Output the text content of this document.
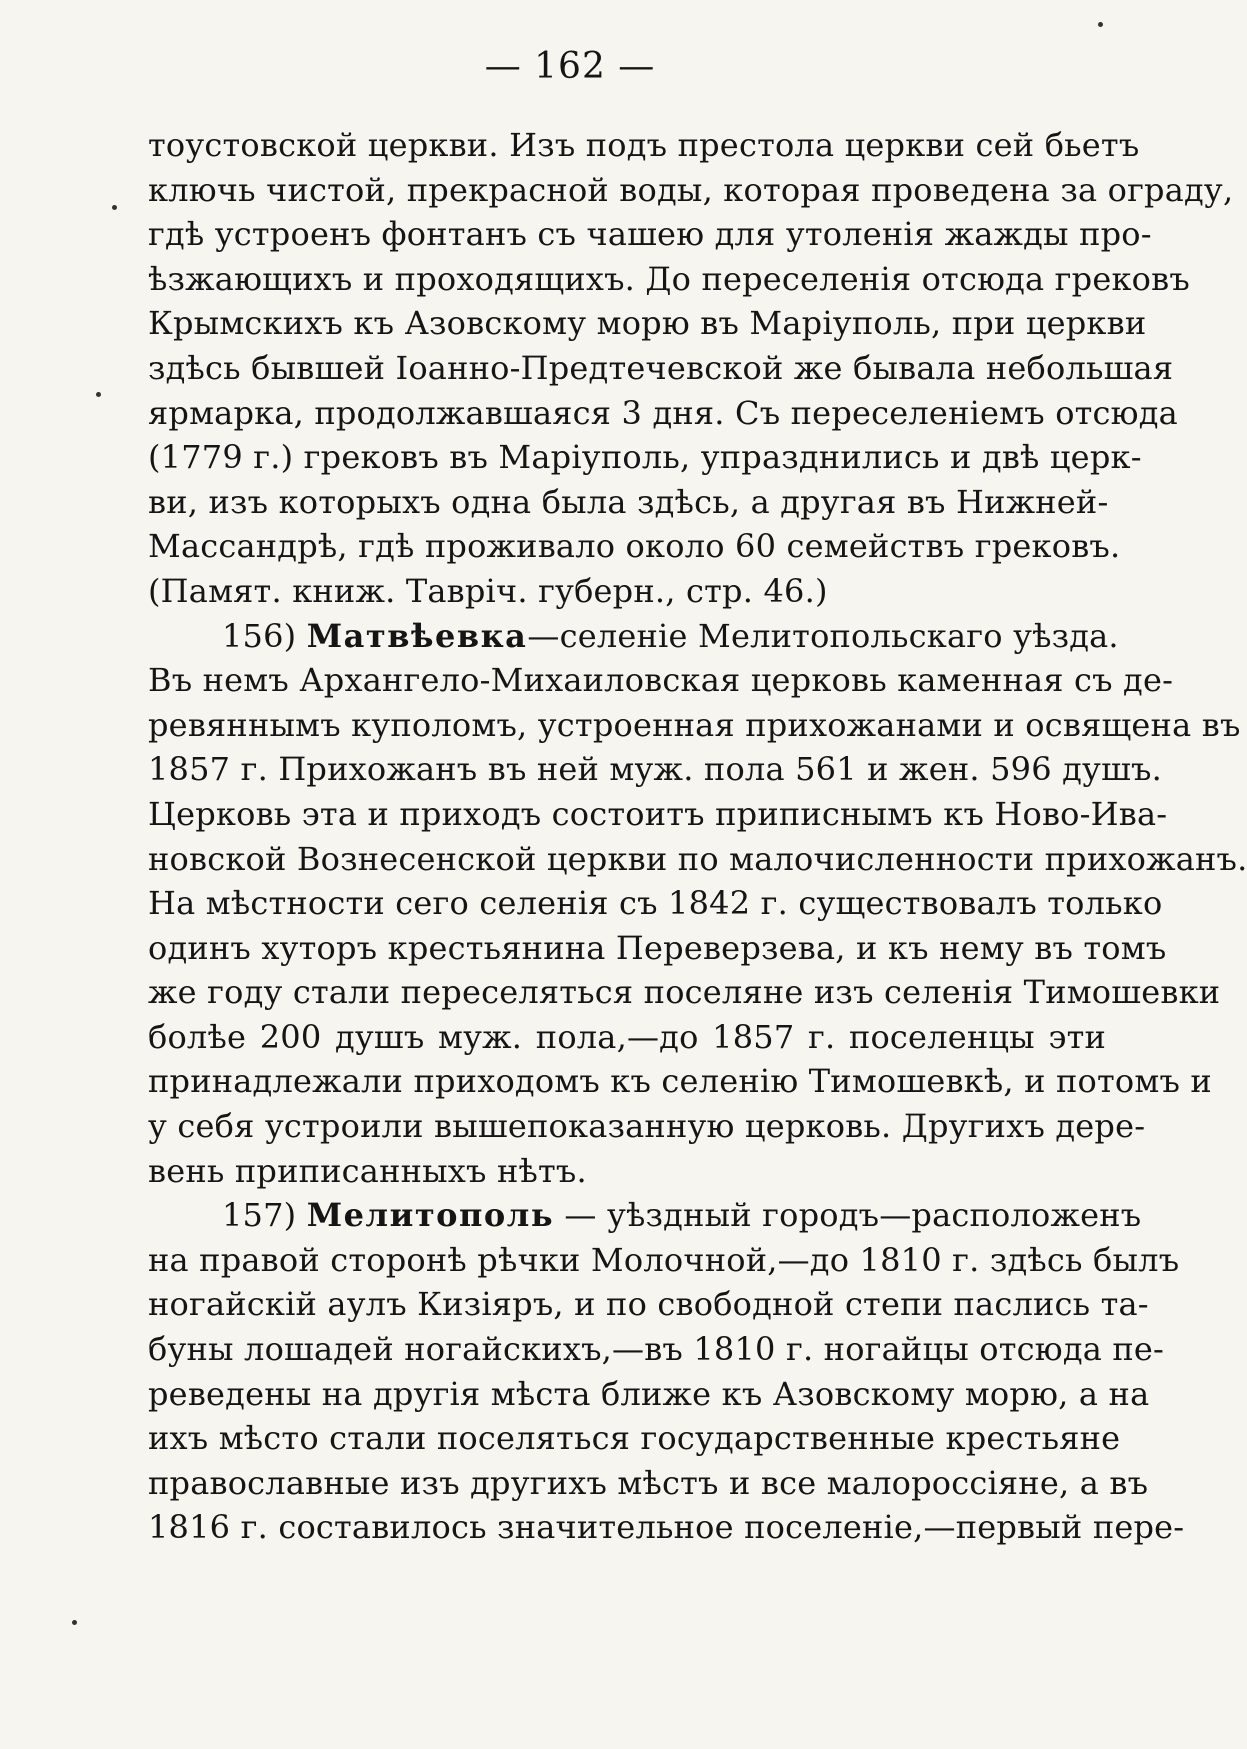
— 162 —
тоустовской церкви. Изъ подъ престола церкви сей бьетъ
ключь чистой, прекрасной воды, которая проведена за ограду,
гдѣ устроенъ фонтанъ съ чашею для утоленія жажды про-
ѣзжающихъ и проходящихъ. До переселенія отсюда грековъ
Крымскихъ къ Азовскому морю въ Маріуполь, при церкви
здѣсь бывшей Іоанно-Предтечевской же бывала небольшая
ярмарка, продолжавшаяся 3 дня. Съ переселеніемъ отсюда
(1779 г.) грековъ въ Маріуполь, упразднились и двѣ церк-
ви, изъ которыхъ одна была здѣсь, а другая въ Нижней-
Массандрѣ, гдѣ проживало около 60 семействъ грековъ.
(Памят. книж. Тавріч. губерн., стр. 46.)
156) Матвѣевка—селеніе Мелитопольскаго уѣзда.
Въ немъ Архангело-Михаиловская церковь каменная съ де-
ревяннымъ куполомъ, устроенная прихожанами и освящена въ
1857 г. Прихожанъ въ ней муж. пола 561 и жен. 596 душъ.
Церковь эта и приходъ состоитъ приписнымъ къ Ново-Ива-
новской Вознесенской церкви по малочисленности прихожанъ.
На мѣстности сего селенія съ 1842 г. существовалъ только
одинъ хуторъ крестьянина Переверзева, и къ нему въ томъ
же году стали переселяться поселяне изъ селенія Тимошевки
болѣе 200 душъ муж. пола,—до 1857 г. поселенцы эти
принадлежали приходомъ къ селенію Тимошевкѣ, и потомъ и
у себя устроили вышепоказанную церковь. Другихъ дере-
вень приписанныхъ нѣтъ.
157) Мелитополь — уѣздный городъ—расположенъ
на правой сторонѣ рѣчки Молочной,—до 1810 г. здѣсь былъ
ногайскій аулъ Кизіяръ, и по свободной степи паслись та-
буны лошадей ногайскихъ,—въ 1810 г. ногайцы отсюда пе-
реведены на другія мѣста ближе къ Азовскому морю, а на
ихъ мѣсто стали поселяться государственные крестьяне
православные изъ другихъ мѣстъ и все малороссіяне, а въ
1816 г. составилось значительное поселеніе,—первый пере-
